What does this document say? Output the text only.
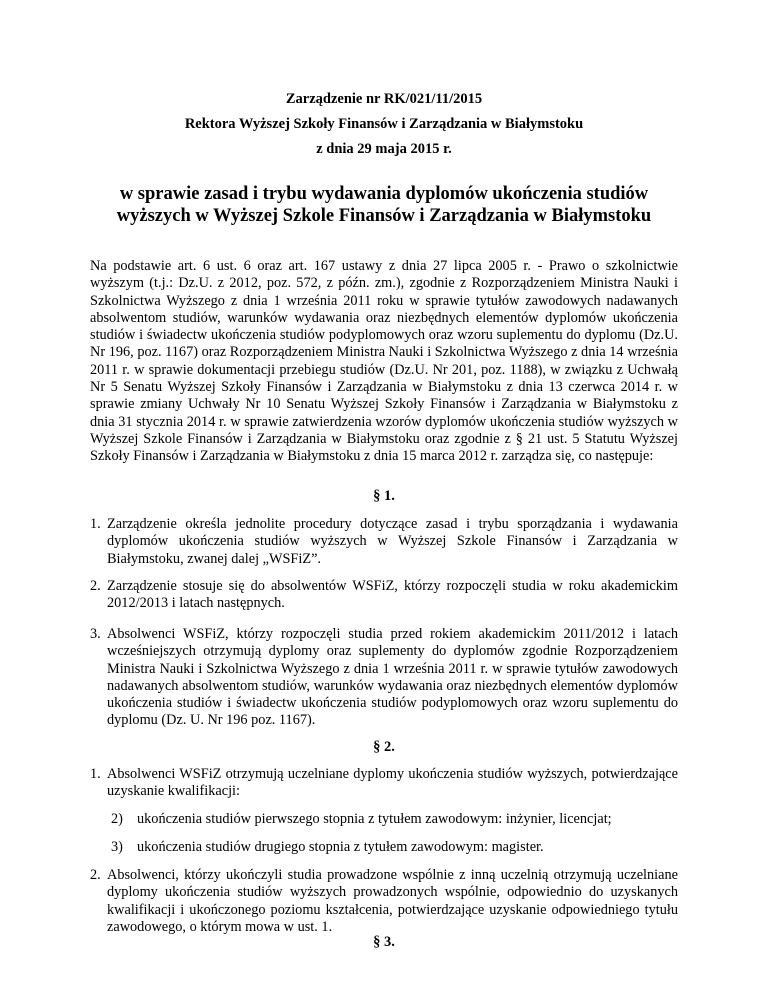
Zarządzenie nr RK/021/11/2015
Rektora Wyższej Szkoły Finansów i Zarządzania w Białymstoku
z dnia 29 maja 2015 r.
w sprawie zasad i trybu wydawania dyplomów ukończenia studiów
wyższych w Wyższej Szkole Finansów i Zarządzania w Białymstoku
Na podstawie art. 6 ust. 6 oraz art. 167 ustawy z dnia 27 lipca 2005 r. - Prawo o szkolnictwie wyższym (t.j.: Dz.U. z 2012, poz. 572, z późn. zm.), zgodnie z Rozporządzeniem Ministra Nauki i Szkolnictwa Wyższego z dnia 1 września 2011 roku w sprawie tytułów zawodowych nadawanych absolwentom studiów, warunków wydawania oraz niezbędnych elementów dyplomów ukończenia studiów i świadectw ukończenia studiów podyplomowych oraz wzoru suplementu do dyplomu (Dz.U. Nr 196, poz. 1167) oraz Rozporządzeniem Ministra Nauki i Szkolnictwa Wyższego z dnia 14 września 2011 r. w sprawie dokumentacji przebiegu studiów (Dz.U. Nr 201, poz. 1188), w związku z Uchwałą Nr 5 Senatu Wyższej Szkoły Finansów i Zarządzania w Białymstoku z dnia 13 czerwca 2014 r. w sprawie zmiany Uchwały Nr 10 Senatu Wyższej Szkoły Finansów i Zarządzania w Białymstoku z dnia 31 stycznia 2014 r. w sprawie zatwierdzenia wzorów dyplomów ukończenia studiów wyższych w Wyższej Szkole Finansów i Zarządzania w Białymstoku oraz zgodnie z § 21 ust. 5 Statutu Wyższej Szkoły Finansów i Zarządzania w Białymstoku z dnia 15 marca 2012 r. zarządza się, co następuje:
§ 1.
1. Zarządzenie określa jednolite procedury dotyczące zasad i trybu sporządzania i wydawania dyplomów ukończenia studiów wyższych w Wyższej Szkole Finansów i Zarządzania w Białymstoku, zwanej dalej „WSFiZ”.
2. Zarządzenie stosuje się do absolwentów WSFiZ, którzy rozpoczęli studia w roku akademickim 2012/2013 i latach następnych.
3. Absolwenci WSFiZ, którzy rozpoczęli studia przed rokiem akademickim 2011/2012 i latach wcześniejszych otrzymują dyplomy oraz suplementy do dyplomów zgodnie Rozporządzeniem Ministra Nauki i Szkolnictwa Wyższego z dnia 1 września 2011 r. w sprawie tytułów zawodowych nadawanych absolwentom studiów, warunków wydawania oraz niezbędnych elementów dyplomów ukończenia studiów i świadectw ukończenia studiów podyplomowych oraz wzoru suplementu do dyplomu (Dz. U. Nr 196 poz. 1167).
§ 2.
1. Absolwenci WSFiZ otrzymują uczelniane dyplomy ukończenia studiów wyższych, potwierdzające uzyskanie kwalifikacji:
2) ukończenia studiów pierwszego stopnia z tytułem zawodowym: inżynier, licencjat;
3) ukończenia studiów drugiego stopnia z tytułem zawodowym: magister.
2. Absolwenci, którzy ukończyli studia prowadzone wspólnie z inną uczelnią otrzymują uczelniane dyplomy ukończenia studiów wyższych prowadzonych wspólnie, odpowiednio do uzyskanych kwalifikacji i ukończonego poziomu kształcenia, potwierdzające uzyskanie odpowiedniego tytułu zawodowego, o którym mowa w ust. 1.
§ 3.
